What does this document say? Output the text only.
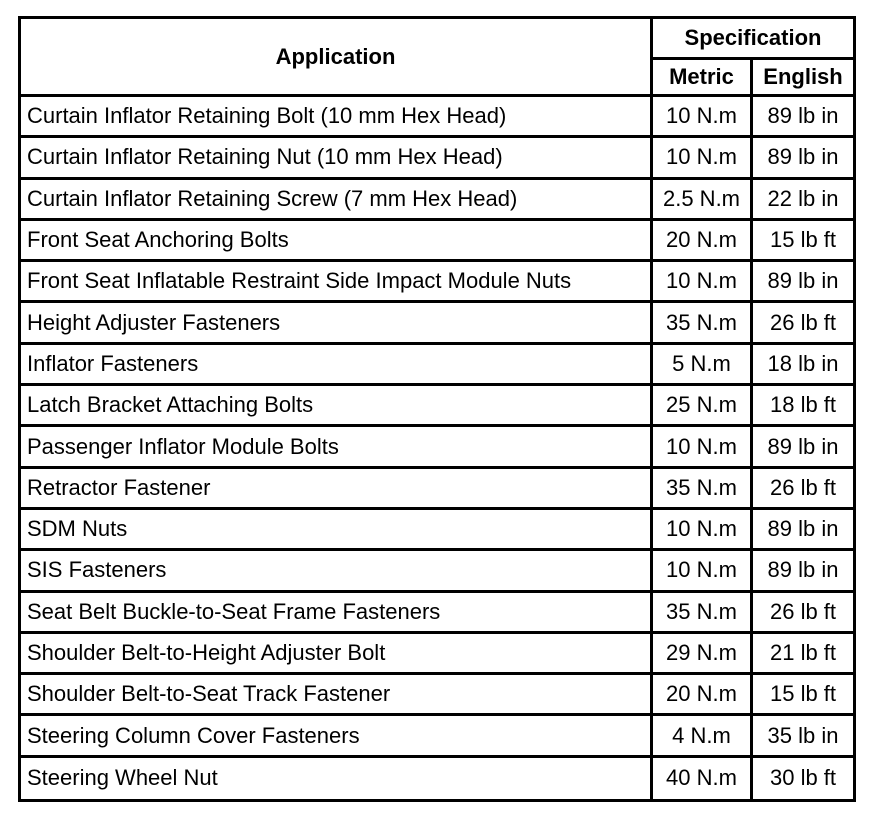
Application	Specification	
	Metric	English
Curtain Inflator Retaining Bolt (10 mm Hex Head)	10 N.m	89 lb in
Curtain Inflator Retaining Nut (10 mm Hex Head)	10 N.m	89 lb in
Curtain Inflator Retaining Screw (7 mm Hex Head)	2.5 N.m	22 lb in
Front Seat Anchoring Bolts	20 N.m	15 lb ft
Front Seat Inflatable Restraint Side Impact Module Nuts	10 N.m	89 lb in
Height Adjuster Fasteners	35 N.m	26 lb ft
Inflator Fasteners	5 N.m	18 lb in
Latch Bracket Attaching Bolts	25 N.m	18 lb ft
Passenger Inflator Module Bolts	10 N.m	89 lb in
Retractor Fastener	35 N.m	26 lb ft
SDM Nuts	10 N.m	89 lb in
SIS Fasteners	10 N.m	89 lb in
Seat Belt Buckle-to-Seat Frame Fasteners	35 N.m	26 lb ft
Shoulder Belt-to-Height Adjuster Bolt	29 N.m	21 lb ft
Shoulder Belt-to-Seat Track Fastener	20 N.m	15 lb ft
Steering Column Cover Fasteners	4 N.m	35 lb in
Steering Wheel Nut	40 N.m	30 lb ft
